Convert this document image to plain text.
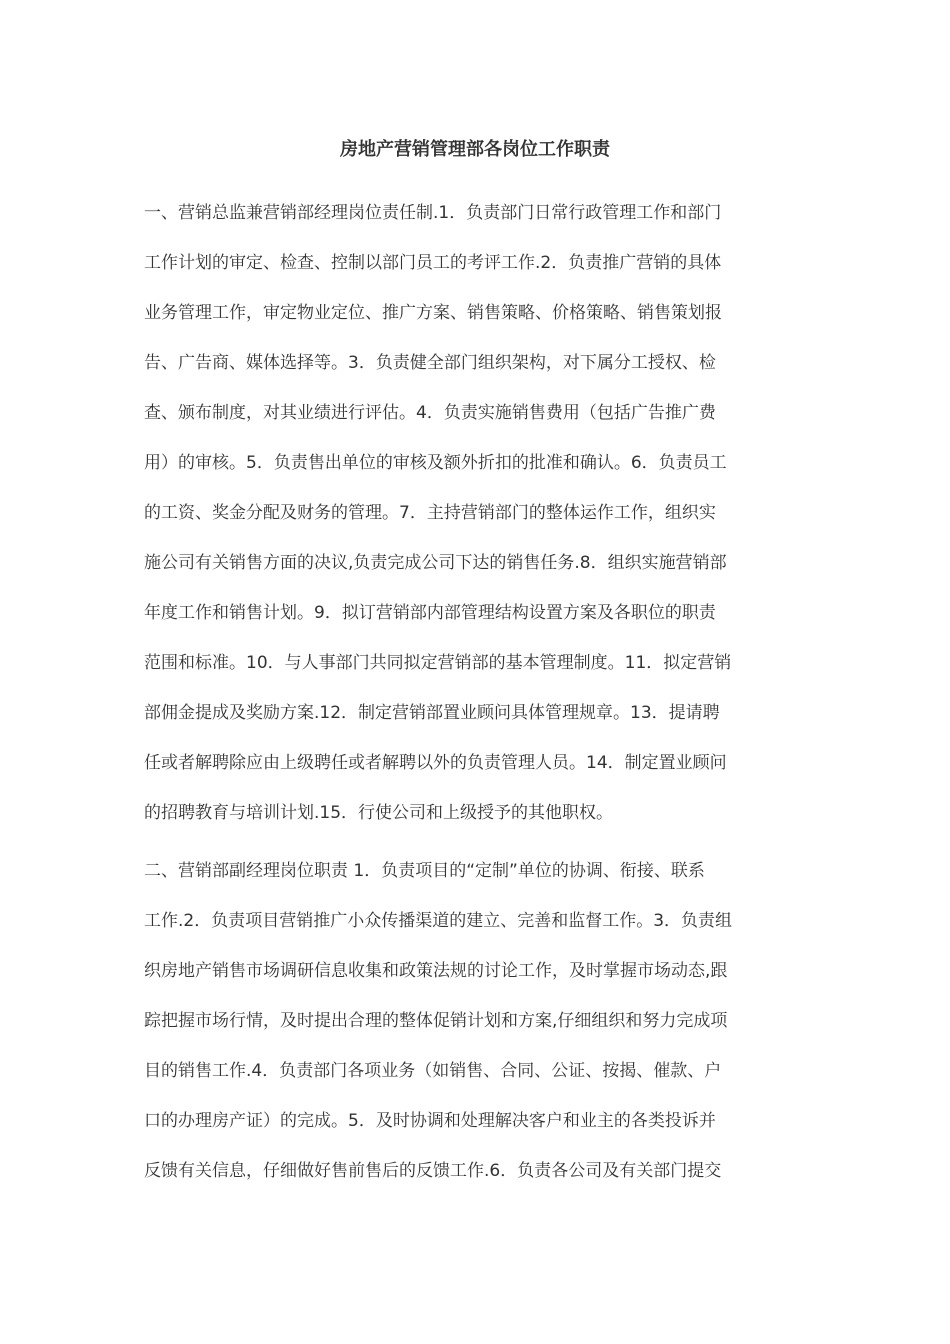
房地产营销管理部各岗位工作职责
一、营销总监兼营销部经理岗位责任制.1．负责部门日常行政管理工作和部门
工作计划的审定、检查、控制以部门员工的考评工作.2．负责推广营销的具体
业务管理工作，审定物业定位、推广方案、销售策略、价格策略、销售策划报
告、广告商、媒体选择等。3．负责健全部门组织架构，对下属分工授权、检
查、颁布制度，对其业绩进行评估。4．负责实施销售费用（包括广告推广费
用）的审核。5．负责售出单位的审核及额外折扣的批准和确认。6．负责员工
的工资、奖金分配及财务的管理。7．主持营销部门的整体运作工作，组织实
施公司有关销售方面的决议,负责完成公司下达的销售任务.8．组织实施营销部
年度工作和销售计划。9．拟订营销部内部管理结构设置方案及各职位的职责
范围和标准。10．与人事部门共同拟定营销部的基本管理制度。11．拟定营销
部佣金提成及奖励方案.12．制定营销部置业顾问具体管理规章。13．提请聘
任或者解聘除应由上级聘任或者解聘以外的负责管理人员。14．制定置业顾问
的招聘教育与培训计划.15．行使公司和上级授予的其他职权。
二、营销部副经理岗位职责 1．负责项目的“定制”单位的协调、衔接、联系
工作.2．负责项目营销推广小众传播渠道的建立、完善和监督工作。3．负责组
织房地产销售市场调研信息收集和政策法规的讨论工作，及时掌握市场动态,跟
踪把握市场行情，及时提出合理的整体促销计划和方案,仔细组织和努力完成项
目的销售工作.4．负责部门各项业务（如销售、合同、公证、按揭、催款、户
口的办理房产证）的完成。5．及时协调和处理解决客户和业主的各类投诉并
反馈有关信息，仔细做好售前售后的反馈工作.6．负责各公司及有关部门提交
